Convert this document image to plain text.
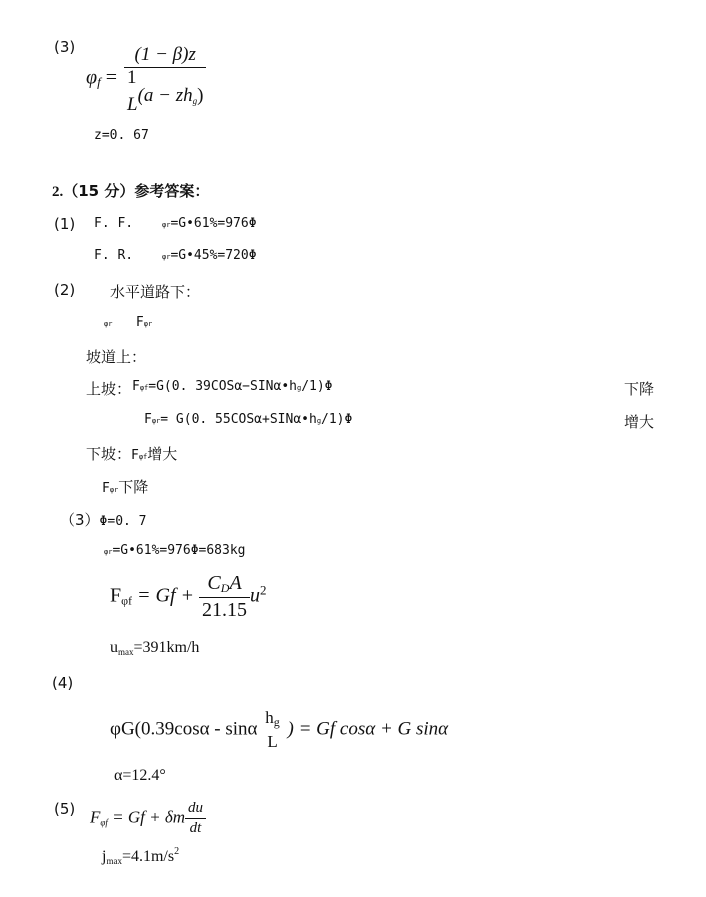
(3)
$\varphi_f$ =
(1 − β)z
1
$L(a - zh_g)$
z=0. 67
2.（15 分）参考答案：
(1) F. F.	φr=G•61%=976Φ
F. R.	φr=G•45%=720Φ
(2) 水平道路下：
φr Fφr
坡道上：
上坡： Fφf=G(0. 39COSα−SINα•hg/1)Φ	下降
Fφr= G(0. 55COSα+SINα•hg/1)Φ	增大
下坡：Fφf增大
Fφr下降
（3）Φ=0. 7
φr=G•61%=976Φ=683kg
$F_{\varphi f} = Gf + \frac{C_DA}{21.15} u^2$
$u_{max}=391km/h$
(4)
φG(0.39cosα - sinα
$h_g$
L
) = Gf cosα + G sinα
α=12.4°
(5) $F_{\varphi f} = Gf + \delta m \frac{du}{dt}$
$j_{max}=4.1m/s^2$
